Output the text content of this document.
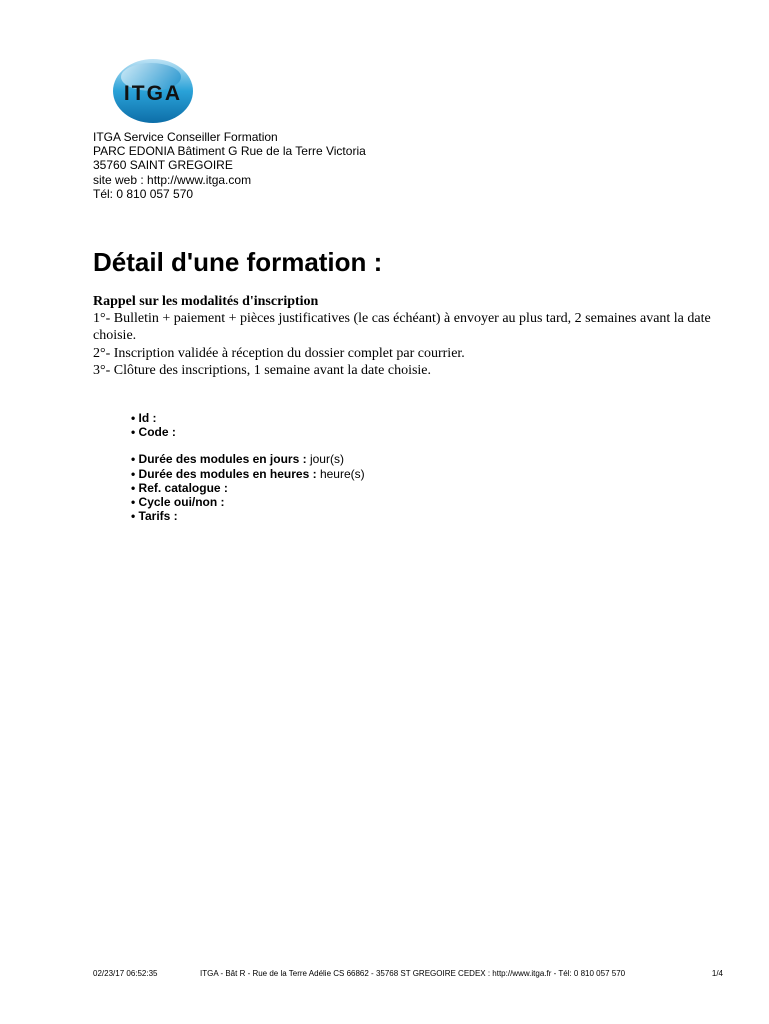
ITGA
ITGA Service Conseiller Formation
PARC EDONIA Bâtiment G Rue de la Terre Victoria
35760 SAINT GREGOIRE
site web : http://www.itga.com
Tél: 0 810 057 570
Détail d'une formation :
Rappel sur les modalités d'inscription
1°- Bulletin + paiement + pièces justificatives (le cas échéant) à envoyer au plus tard, 2 semaines avant la date choisie.
2°- Inscription validée à réception du dossier complet par courrier.
3°- Clôture des inscriptions, 1 semaine avant la date choisie.
• Id :
• Code :
• Durée des modules en jours : jour(s)
• Durée des modules en heures : heure(s)
• Ref. catalogue :
• Cycle oui/non :
• Tarifs :
02/23/17 06:52:35	ITGA - Bât R - Rue de la Terre Adélie CS 66862 - 35768 ST GREGOIRE CEDEX : http://www.itga.fr - Tél: 0 810 057 570	1/4
